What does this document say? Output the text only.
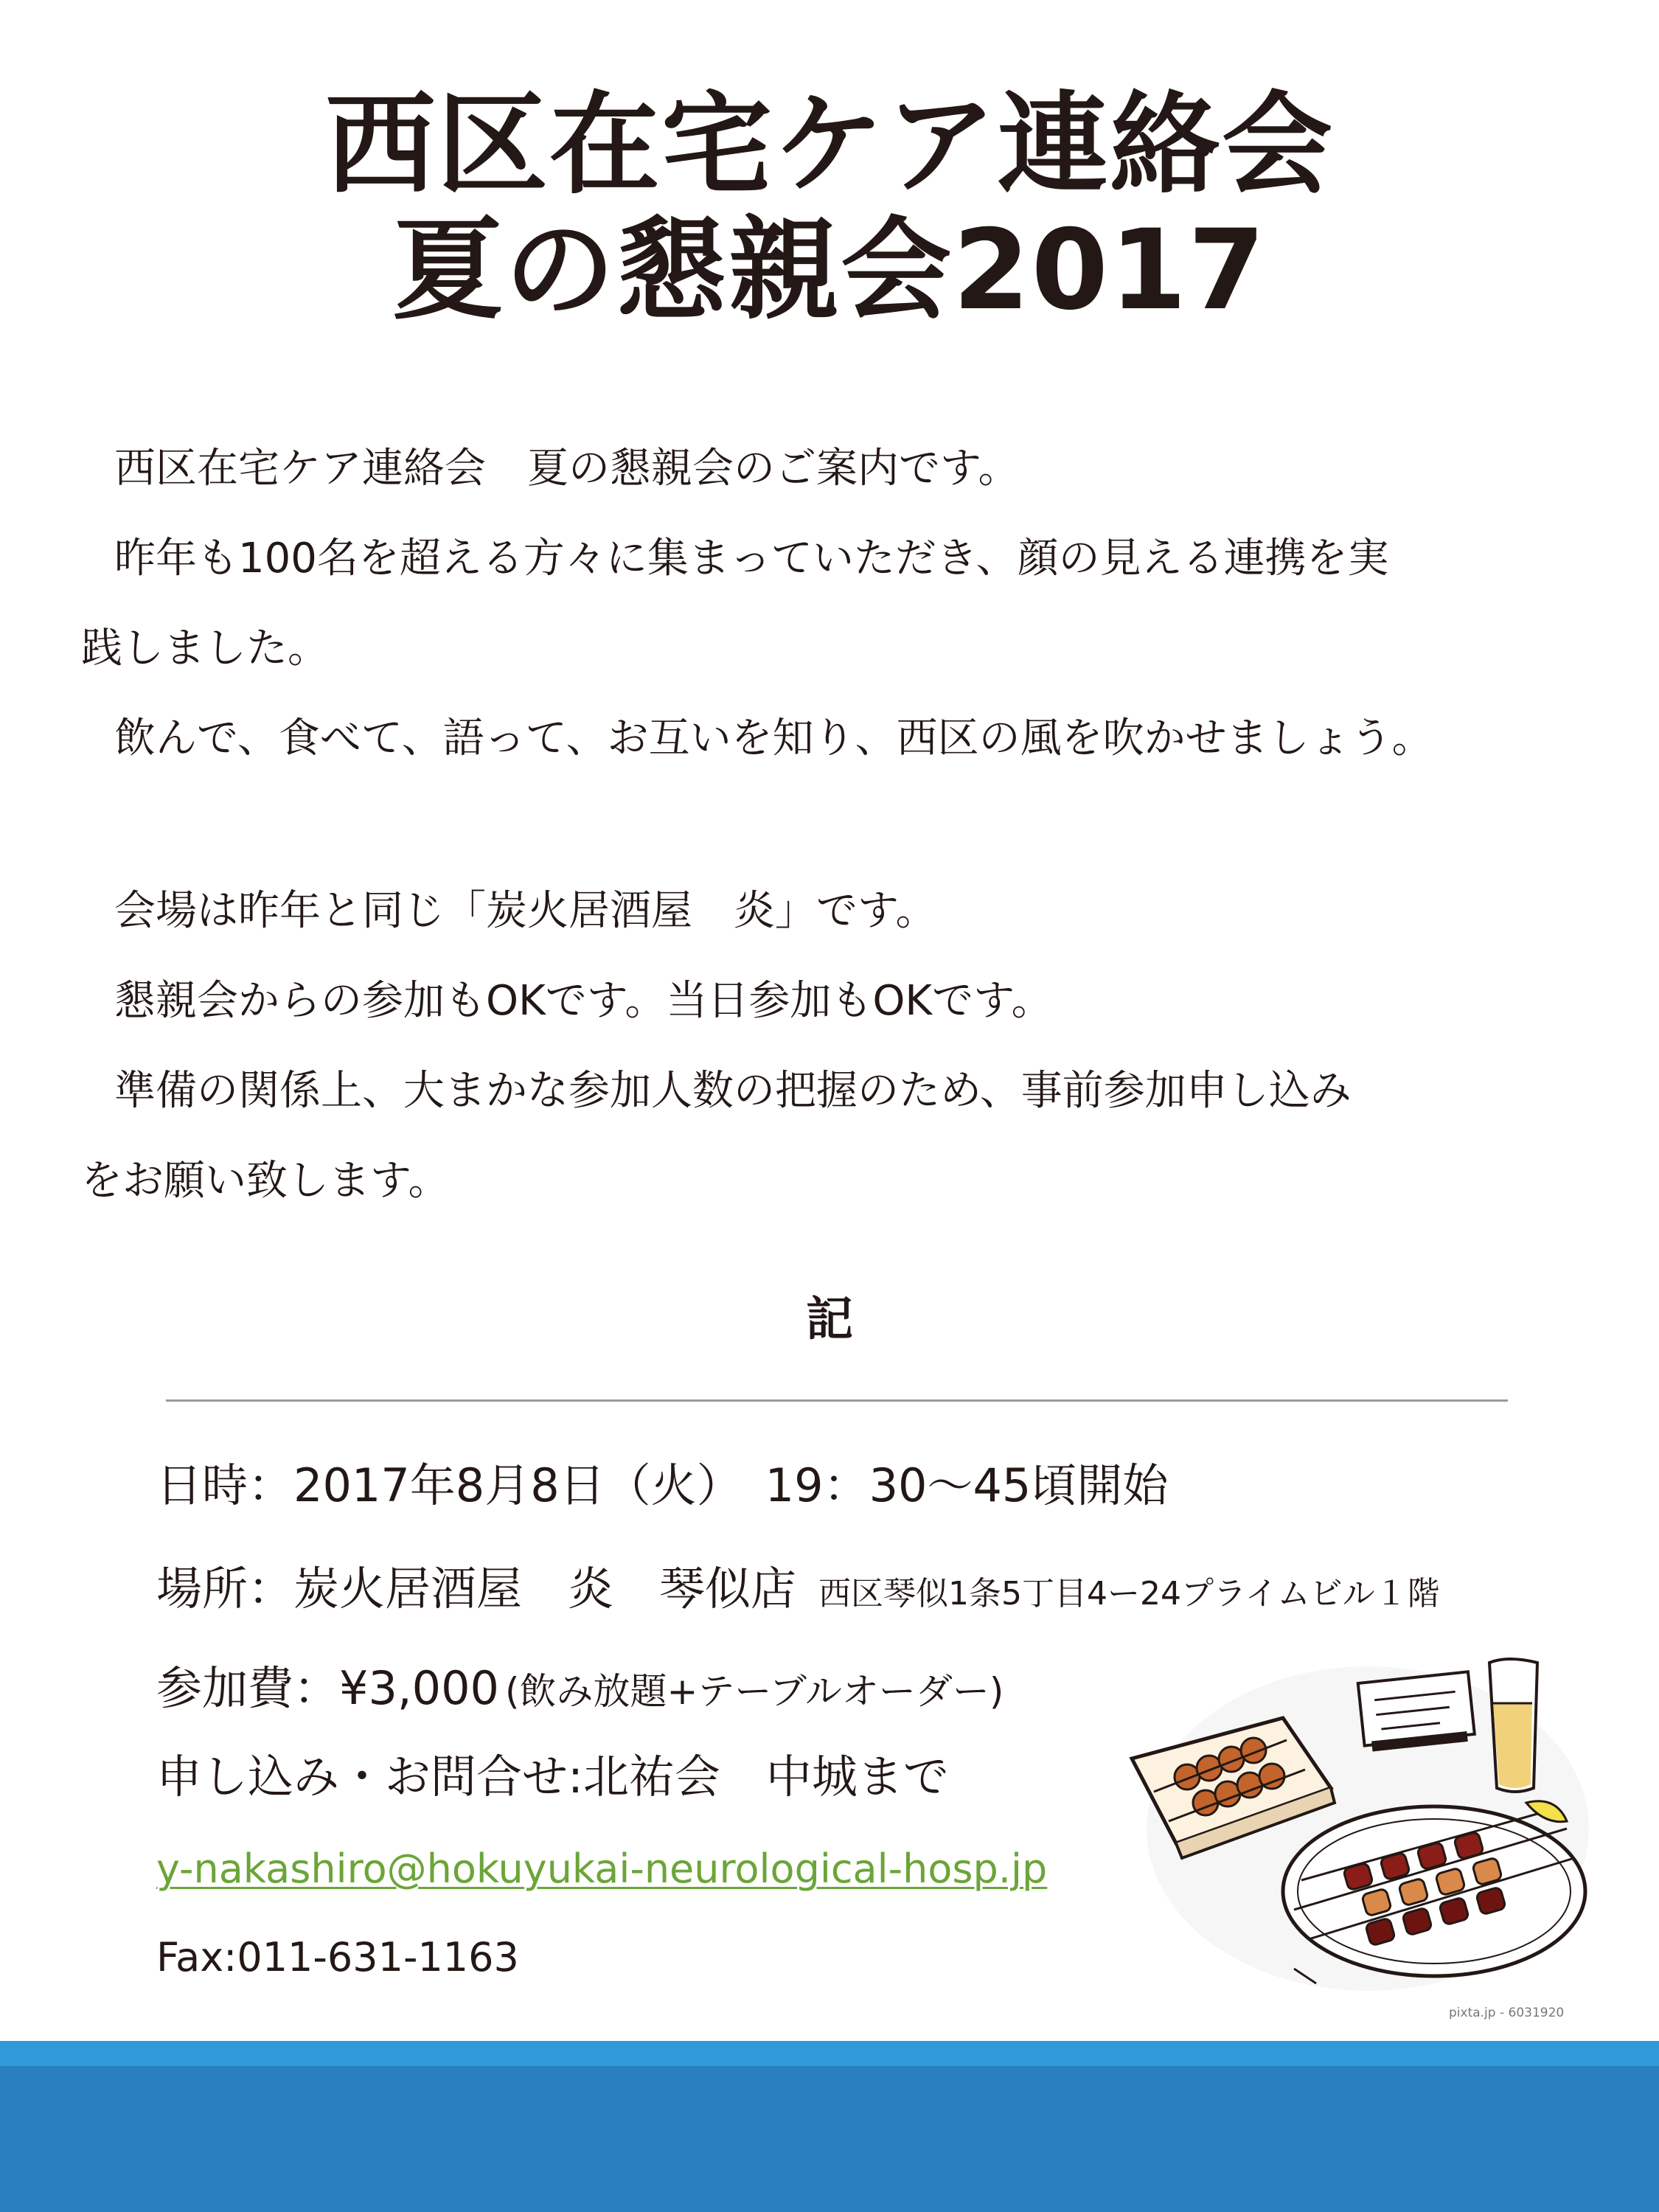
西区在宅ケア連絡会
夏の懇親会2017

西区在宅ケア連絡会　夏の懇親会のご案内です。

昨年も100名を超える方々に集まっていただき、顔の見える連携を実

践しました。

飲んで、食べて、語って、お互いを知り、西区の風を吹かせましょう。

会場は昨年と同じ「炭火居酒屋　炎」です。

懇親会からの参加もOKです。当日参加もOKです。

準備の関係上、大まかな参加人数の把握のため、事前参加申し込み

をお願い致します。

記
日時：2017年8月8日（火）　19：30〜45頃開始
場所：炭火居酒屋　炎　琴似店 西区琴似1条5丁目4ー24プライムビル１階
参加費：¥3,000 (飲み放題+テーブルオーダー)
申し込み・お問合せ:北祐会　中城まで
y-nakashiro@hokuyukai-neurological-hosp.jp
Fax:011-631-1163
pixta.jp - 6031920
